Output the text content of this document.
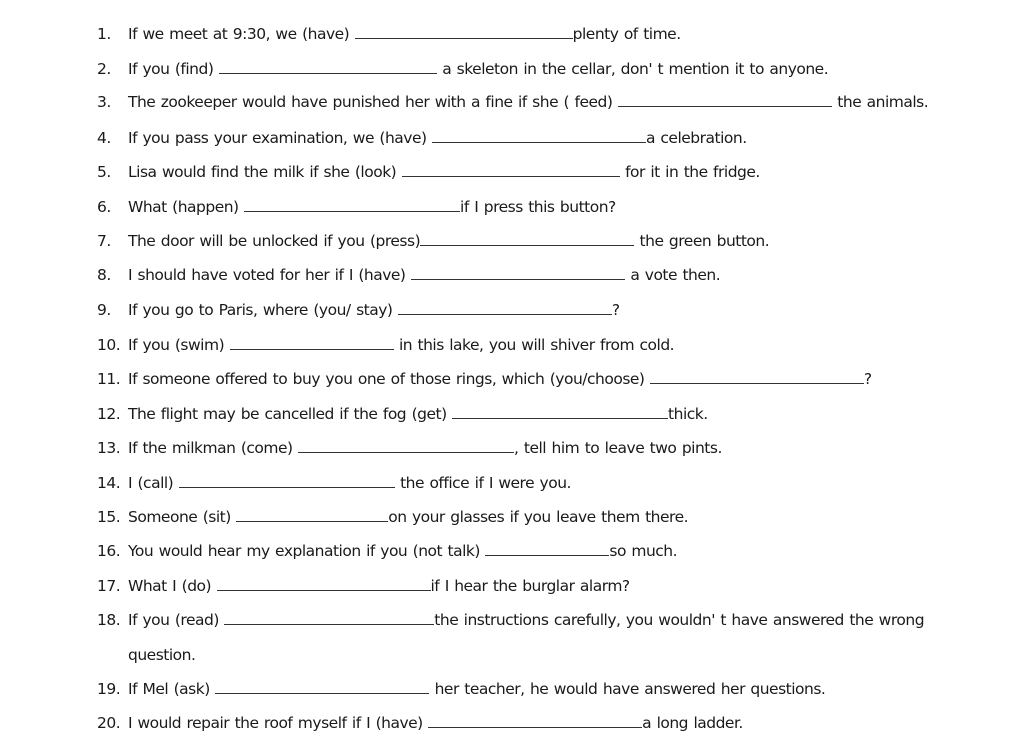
1. If we meet at 9:30, we (have)	plenty of time.
2. If you (find)	a skeleton in the cellar, don' t mention it to anyone.
3. The zookeeper would have punished her with a fine if she ( feed)	the animals.
4. If you pass your examination, we (have)	a celebration.
5. Lisa would find the milk if she (look)	for it in the fridge.
6. What (happen)	if I press this button?
7. The door will be unlocked if you (press)	the green button.
8. I should have voted for her if I (have)	a vote then.
9. If you go to Paris, where (you/ stay)	?
10. If you (swim)	in this lake, you will shiver from cold.
11. If someone offered to buy you one of those rings, which (you/choose)	?
12. The flight may be cancelled if the fog (get)	thick.
13. If the milkman (come)	, tell him to leave two pints.
14. I (call)	the office if I were you.
15. Someone (sit)	on your glasses if you leave them there.
16. You would hear my explanation if you (not talk)	so much.
17. What I (do)	if I hear the burglar alarm?
18. If you (read)	the instructions carefully, you wouldn' t have answered the wrong
question.
19. If Mel (ask)	her teacher, he would have answered her questions.
20. I would repair the roof myself if I (have)	a long ladder.
